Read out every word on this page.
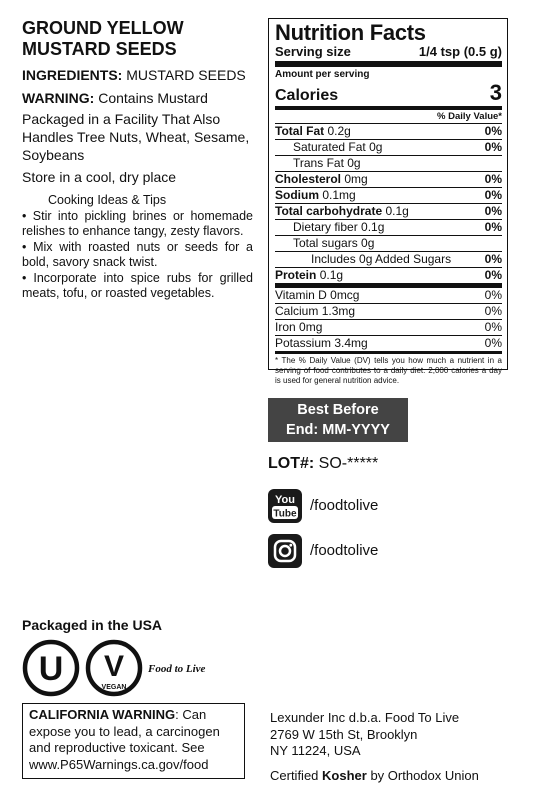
GROUND YELLOW
MUSTARD SEEDS
INGREDIENTS: MUSTARD SEEDS
WARNING: Contains Mustard
Packaged in a Facility That Also Handles Tree Nuts, Wheat, Sesame, Soybeans
Store in a cool, dry place
Cooking Ideas & Tips
• Stir into pickling brines or homemade relishes to enhance tangy, zesty flavors.
• Mix with roasted nuts or seeds for a bold, savory snack twist.
• Incorporate into spice rubs for grilled meats, tofu, or roasted vegetables.
Nutrition Facts
Serving size	1/4 tsp (0.5 g)
Amount per serving
Calories	3
% Daily Value*
Total Fat 0.2g	0%
Saturated Fat 0g	0%
Trans Fat 0g
Cholesterol 0mg	0%
Sodium 0.1mg	0%
Total carbohydrate 0.1g	0%
Dietary fiber 0.1g	0%
Total sugars 0g
Includes 0g Added Sugars	0%
Protein 0.1g	0%
Vitamin D 0mcg	0%
Calcium 1.3mg	0%
Iron 0mg	0%
Potassium 3.4mg	0%
* The % Daily Value (DV) tells you how much a nutrient in a serving of food contributes to a daily diet. 2,000 calories a day is used for general nutrition advice.
Best Before
End: MM-YYYY
LOT#: SO-*****
You
Tube /foodtolive
/foodtolive
Packaged in the USA
U V
VEGAN
Food to Live
CALIFORNIA WARNING: Can expose you to lead, a carcinogen and reproductive toxicant. See www.P65Warnings.ca.gov/food
Lexunder Inc d.b.a. Food To Live
2769 W 15th St, Brooklyn
NY 11224, USA
Certified Kosher by Orthodox Union
